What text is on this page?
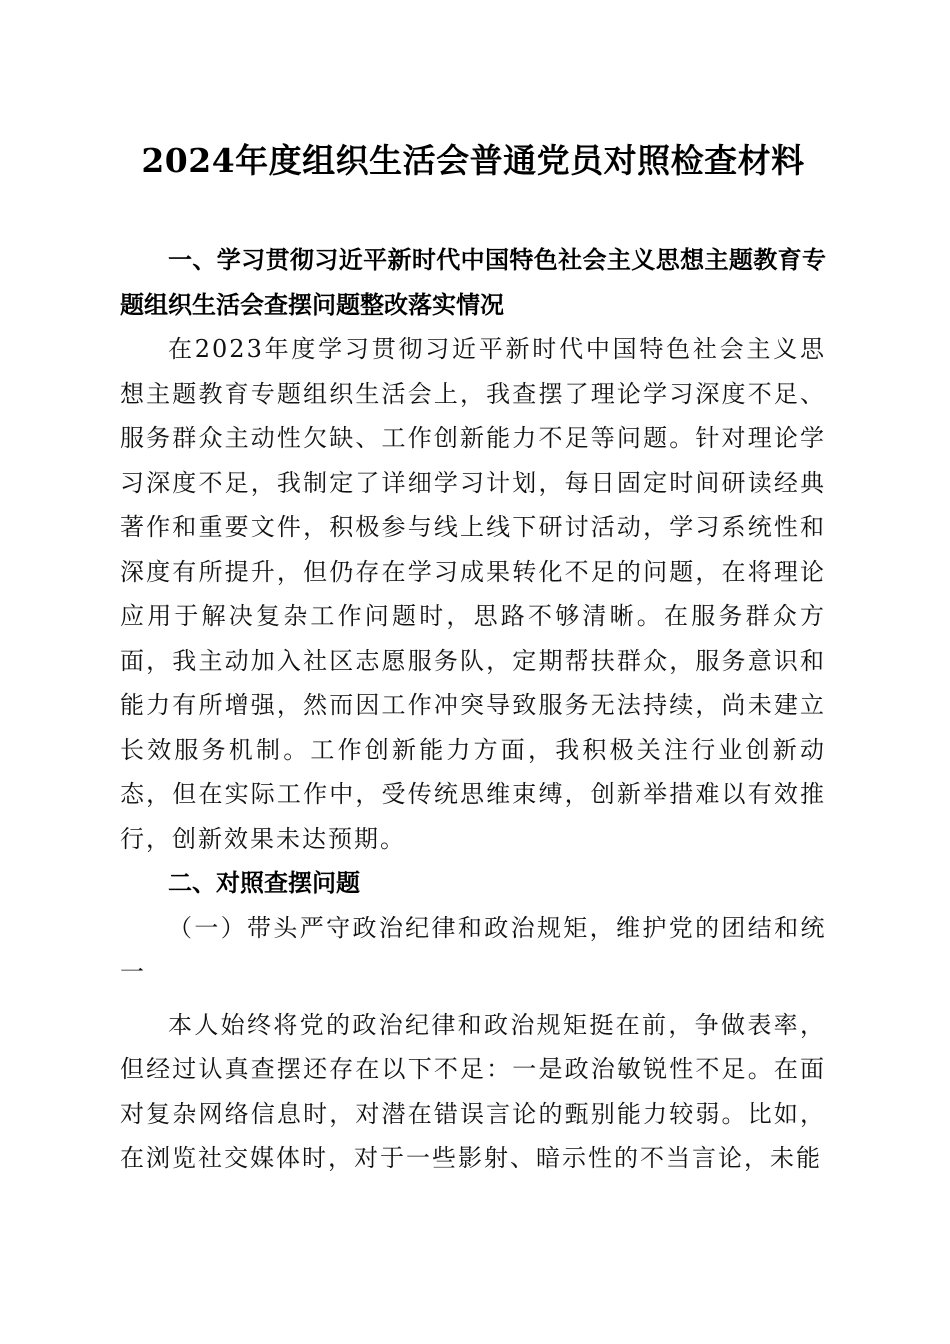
2024年度组织生活会普通党员对照检查材料

一、学习贯彻习近平新时代中国特色社会主义思想主题教育专题组织生活会查摆问题整改落实情况

在2023年度学习贯彻习近平新时代中国特色社会主义思想主题教育专题组织生活会上，我查摆了理论学习深度不足、服务群众主动性欠缺、工作创新能力不足等问题。针对理论学习深度不足，我制定了详细学习计划，每日固定时间研读经典著作和重要文件，积极参与线上线下研讨活动，学习系统性和深度有所提升，但仍存在学习成果转化不足的问题，在将理论应用于解决复杂工作问题时，思路不够清晰。在服务群众方面，我主动加入社区志愿服务队，定期帮扶群众，服务意识和能力有所增强，然而因工作冲突导致服务无法持续，尚未建立长效服务机制。工作创新能力方面，我积极关注行业创新动态，但在实际工作中，受传统思维束缚，创新举措难以有效推行，创新效果未达预期。

二、对照查摆问题

（一）带头严守政治纪律和政治规矩，维护党的团结和统一

本人始终将党的政治纪律和政治规矩挺在前，争做表率，但经过认真查摆还存在以下不足：一是政治敏锐性不足。在面对复杂网络信息时，对潜在错误言论的甄别能力较弱。比如，在浏览社交媒体时，对于一些影射、暗示性的不当言论，未能
